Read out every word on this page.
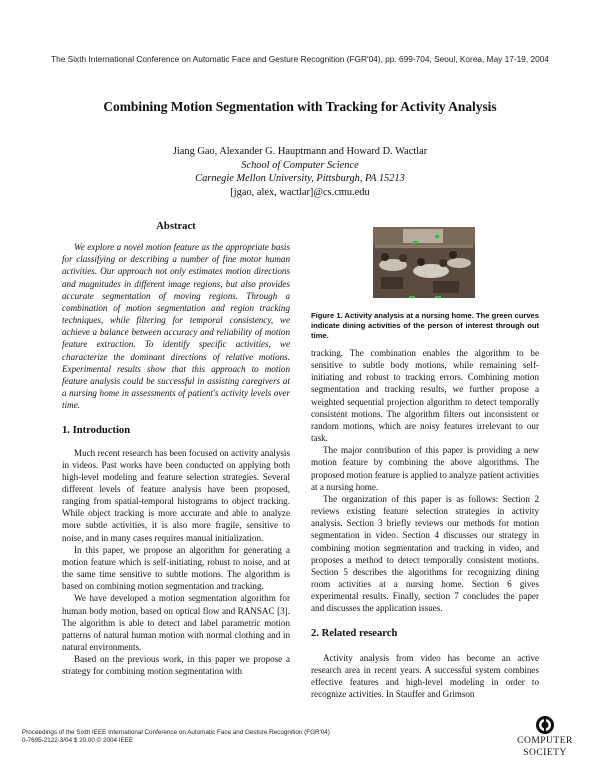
The Sixth International Conference on Automatic Face and Gesture Recognition (FGR'04), pp. 699-704, Seoul, Korea, May 17-19, 2004
Combining Motion Segmentation with Tracking for Activity Analysis
Jiang Gao, Alexander G. Hauptmann and Howard D. Wactlar
School of Computer Science
Carnegie Mellon University, Pittsburgh, PA 15213
[jgao, alex, wactlar]@cs.cmu.edu
Abstract

We explore a novel motion feature as the appropriate basis for classifying or describing a number of fine motor human activities. Our approach not only estimates motion directions and magnitudes in different image regions, but also provides accurate segmentation of moving regions. Through a combination of motion segmentation and region tracking techniques, while filtering for temporal consistency, we achieve a balance between accuracy and reliability of motion feature extraction. To identify specific activities, we characterize the dominant directions of relative motions. Experimental results show that this approach to motion feature analysis could be successful in assisting caregivers at a nursing home in assessments of patient's activity levels over time.

1. Introduction

Much recent research has been focused on activity analysis in videos. Past works have been conducted on applying both high-level modeling and feature selection strategies. Several different levels of feature analysis have been proposed, ranging from spatial-temporal histograms to object tracking. While object tracking is more accurate and able to analyze more subtle activities, it is also more fragile, sensitive to noise, and in many cases requires manual initialization.

In this paper, we propose an algorithm for generating a motion feature which is self-initiating, robust to noise, and at the same time sensitive to subtle motions. The algorithm is based on combining motion segmentation and tracking.

We have developed a motion segmentation algorithm for human body motion, based on optical flow and RANSAC [3]. The algorithm is able to detect and label parametric motion patterns of natural human motion with normal clothing and in natural environments.

Based on the previous work, in this paper we propose a strategy for combining motion segmentation with

Figure 1. Activity analysis at a nursing home. The green curves indicate dining activities of the person of interest through out time.

tracking. The combination enables the algorithm to be sensitive to subtle body motions, while remaining self-initiating and robust to tracking errors. Combining motion segmentation and tracking results, we further propose a weighted sequential projection algorithm to detect temporally consistent motions. The algorithm filters out inconsistent or random motions, which are noisy features irrelevant to our task.

The major contribution of this paper is providing a new motion feature by combining the above algorithms. The proposed motion feature is applied to analyze patient activities at a nursing home.

The organization of this paper is as follows: Section 2 reviews existing feature selection strategies in activity analysis. Section 3 briefly reviews our methods for motion segmentation in video. Section 4 discusses our strategy in combining motion segmentation and tracking in video, and proposes a method to detect temporally consistent motions. Section 5 describes the algorithms for recognizing dining room activities at a nursing home. Section 6 gives experimental results. Finally, section 7 concludes the paper and discusses the application issues.

2. Related research

Activity analysis from video has become an active research area in recent years. A successful system combines effective features and high-level modeling in order to recognize activities. In Stauffer and Grimson

Proceedings of the Sixth IEEE International Conference on Automatic Face and Gesture Recognition (FGR'04)
0-7695-2122-3/04 $ 20.00 © 2004 IEEE	COMPUTER
SOCIETY
